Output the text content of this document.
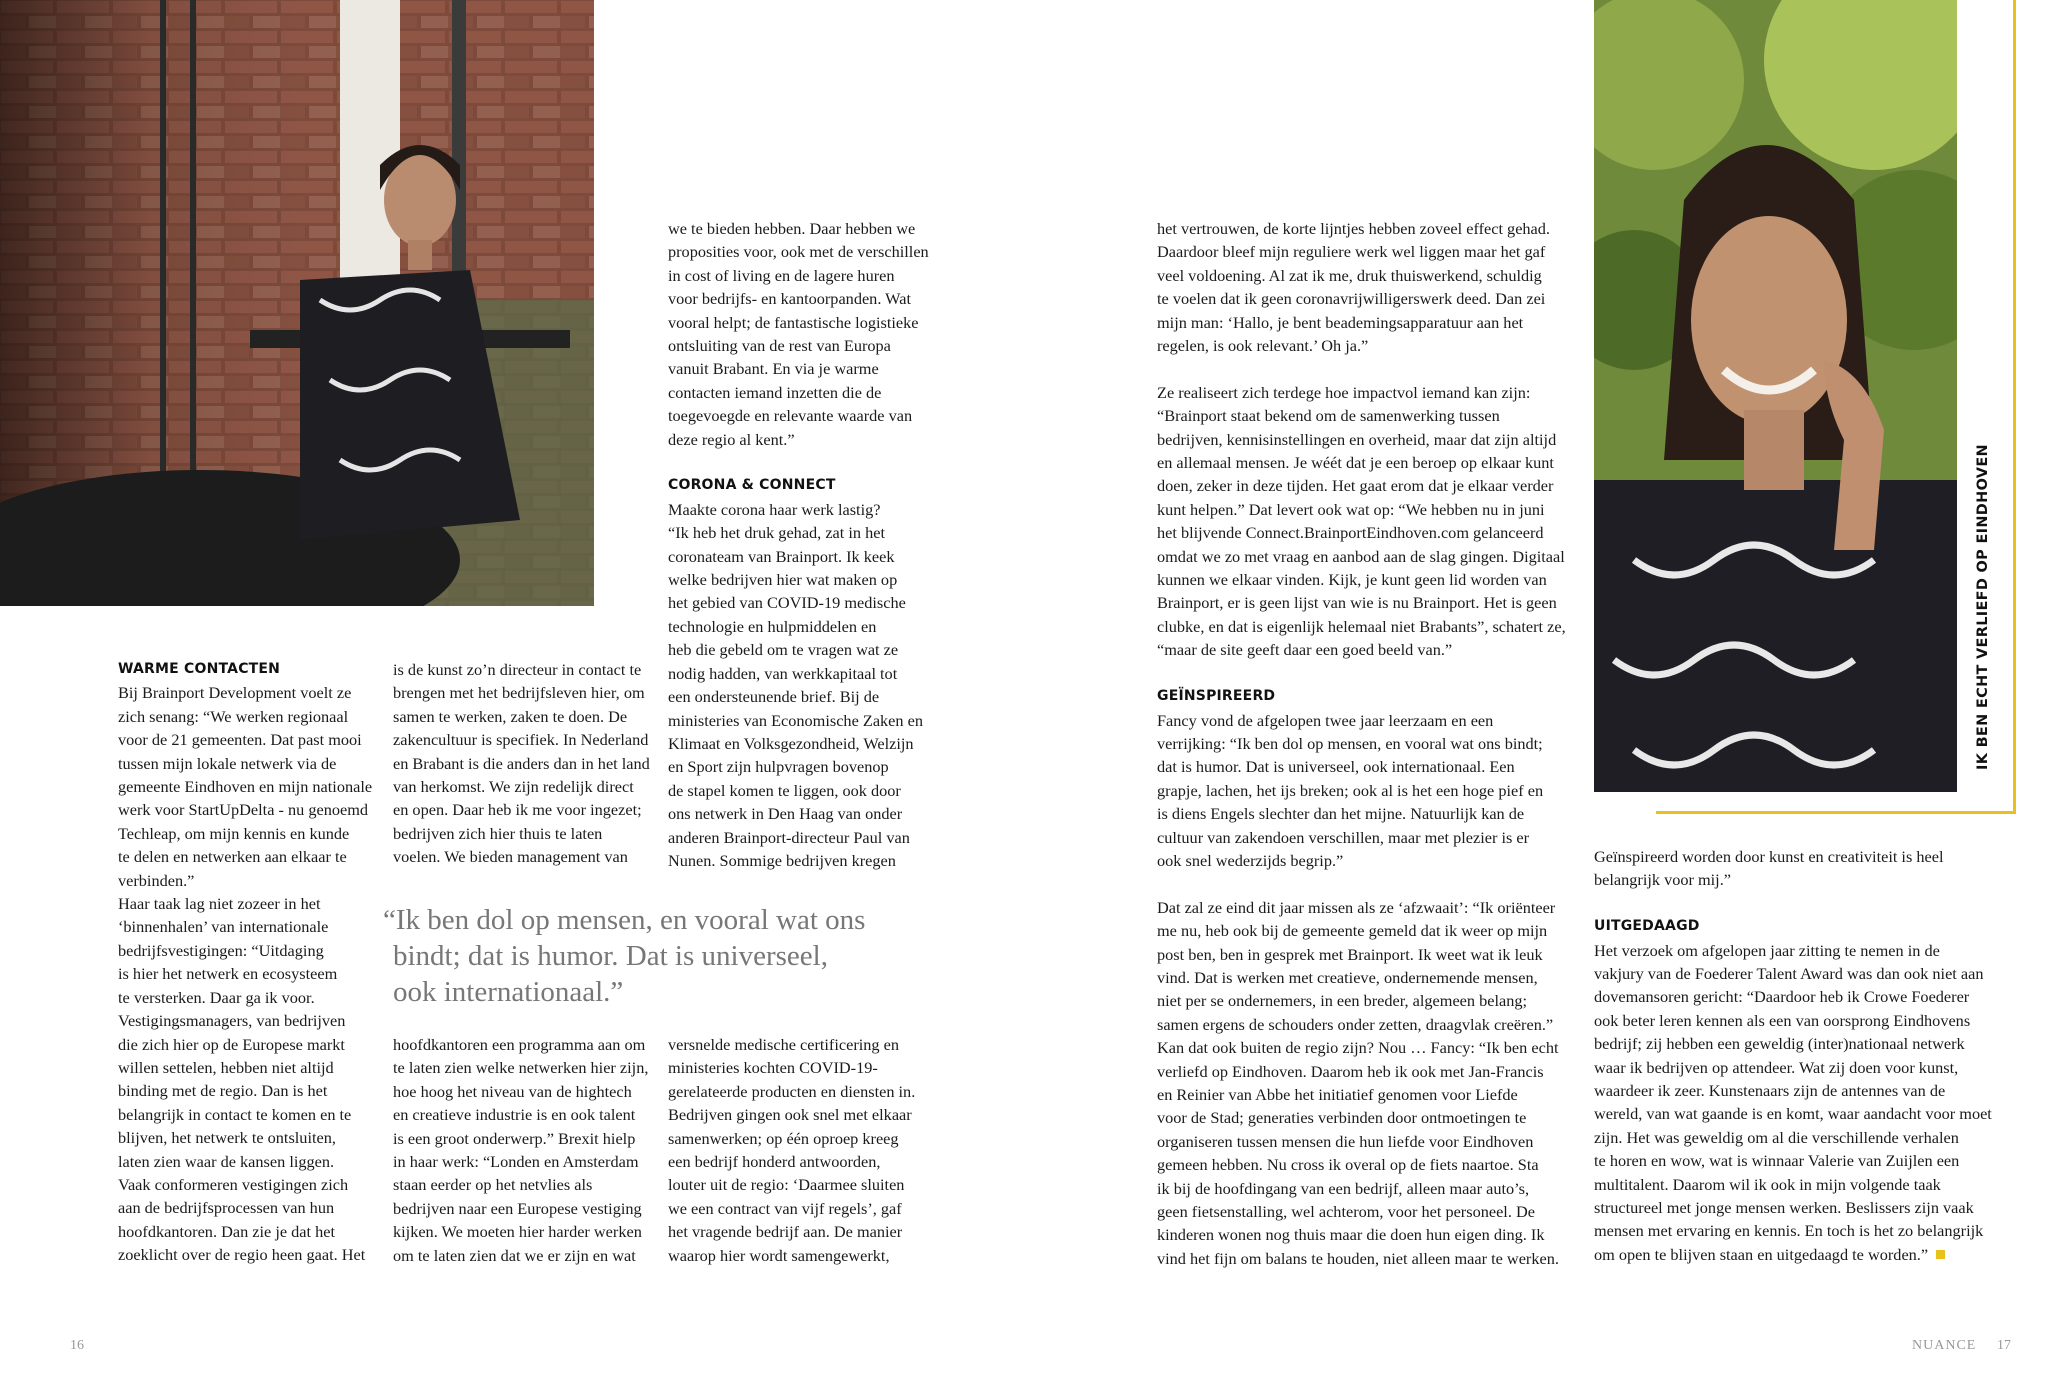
IK BEN ECHT VERLIEFD OP EINDHOVEN

WARME CONTACTEN

Bij Brainport Development voelt ze

zich senang: “We werken regionaal

voor de 21 gemeenten. Dat past mooi

tussen mijn lokale netwerk via de

gemeente Eindhoven en mijn nationale

werk voor StartUpDelta - nu genoemd

Techleap, om mijn kennis en kunde

te delen en netwerken aan elkaar te

verbinden.”

Haar taak lag niet zozeer in het

‘binnenhalen’ van internationale

bedrijfsvestigingen: “Uitdaging

is hier het netwerk en ecosysteem

te versterken. Daar ga ik voor.

Vestigingsmanagers, van bedrijven

die zich hier op de Europese markt

willen settelen, hebben niet altijd

binding met de regio. Dan is het

belangrijk in contact te komen en te

blijven, het netwerk te ontsluiten,

laten zien waar de kansen liggen.

Vaak conformeren vestigingen zich

aan de bedrijfsprocessen van hun

hoofdkantoren. Dan zie je dat het

zoeklicht over de regio heen gaat. Het

is de kunst zo’n directeur in contact te

brengen met het bedrijfsleven hier, om

samen te werken, zaken te doen. De

zakencultuur is specifiek. In Nederland

en Brabant is die anders dan in het land

van herkomst. We zijn redelijk direct

en open. Daar heb ik me voor ingezet;

bedrijven zich hier thuis te laten

voelen. We bieden management van

“Ik ben dol op mensen, en vooral wat ons

bindt; dat is humor. Dat is universeel,

ook internationaal.”

hoofdkantoren een programma aan om

te laten zien welke netwerken hier zijn,

hoe hoog het niveau van de hightech

en creatieve industrie is en ook talent

is een groot onderwerp.” Brexit hielp

in haar werk: “Londen en Amsterdam

staan eerder op het netvlies als

bedrijven naar een Europese vestiging

kijken. We moeten hier harder werken

om te laten zien dat we er zijn en wat

we te bieden hebben. Daar hebben we

proposities voor, ook met de verschillen

in cost of living en de lagere huren

voor bedrijfs- en kantoorpanden. Wat

vooral helpt; de fantastische logistieke

ontsluiting van de rest van Europa

vanuit Brabant. En via je warme

contacten iemand inzetten die de

toegevoegde en relevante waarde van

deze regio al kent.”

CORONA & CONNECT

Maakte corona haar werk lastig?

“Ik heb het druk gehad, zat in het

coronateam van Brainport. Ik keek

welke bedrijven hier wat maken op

het gebied van COVID-19 medische

technologie en hulpmiddelen en

heb die gebeld om te vragen wat ze

nodig hadden, van werkkapitaal tot

een ondersteunende brief. Bij de

ministeries van Economische Zaken en

Klimaat en Volksgezondheid, Welzijn

en Sport zijn hulpvragen bovenop

de stapel komen te liggen, ook door

ons netwerk in Den Haag van onder

anderen Brainport-directeur Paul van

Nunen. Sommige bedrijven kregen

versnelde medische certificering en

ministeries kochten COVID-19-

gerelateerde producten en diensten in.

Bedrijven gingen ook snel met elkaar

samenwerken; op één oproep kreeg

een bedrijf honderd antwoorden,

louter uit de regio: ‘Daarmee sluiten

we een contract van vijf regels’, gaf

het vragende bedrijf aan. De manier

waarop hier wordt samengewerkt,

het vertrouwen, de korte lijntjes hebben zoveel effect gehad.

Daardoor bleef mijn reguliere werk wel liggen maar het gaf

veel voldoening. Al zat ik me, druk thuiswerkend, schuldig

te voelen dat ik geen coronavrijwilligerswerk deed. Dan zei

mijn man: ‘Hallo, je bent beademingsapparatuur aan het

regelen, is ook relevant.’ Oh ja.”

Ze realiseert zich terdege hoe impactvol iemand kan zijn:

“Brainport staat bekend om de samenwerking tussen

bedrijven, kennisinstellingen en overheid, maar dat zijn altijd

en allemaal mensen. Je wéét dat je een beroep op elkaar kunt

doen, zeker in deze tijden. Het gaat erom dat je elkaar verder

kunt helpen.” Dat levert ook wat op: “We hebben nu in juni

het blijvende Connect.BrainportEindhoven.com gelanceerd

omdat we zo met vraag en aanbod aan de slag gingen. Digitaal

kunnen we elkaar vinden. Kijk, je kunt geen lid worden van

Brainport, er is geen lijst van wie is nu Brainport. Het is geen

clubke, en dat is eigenlijk helemaal niet Brabants”, schatert ze,

“maar de site geeft daar een goed beeld van.”

GEÏNSPIREERD

Fancy vond de afgelopen twee jaar leerzaam en een

verrijking: “Ik ben dol op mensen, en vooral wat ons bindt;

dat is humor. Dat is universeel, ook internationaal. Een

grapje, lachen, het ijs breken; ook al is het een hoge pief en

is diens Engels slechter dan het mijne. Natuurlijk kan de

cultuur van zakendoen verschillen, maar met plezier is er

ook snel wederzijds begrip.”

Dat zal ze eind dit jaar missen als ze ‘afzwaait’: “Ik oriënteer

me nu, heb ook bij de gemeente gemeld dat ik weer op mijn

post ben, ben in gesprek met Brainport. Ik weet wat ik leuk

vind. Dat is werken met creatieve, ondernemende mensen,

niet per se ondernemers, in een breder, algemeen belang;

samen ergens de schouders onder zetten, draagvlak creëren.”

Kan dat ook buiten de regio zijn? Nou … Fancy: “Ik ben echt

verliefd op Eindhoven. Daarom heb ik ook met Jan-Francis

en Reinier van Abbe het initiatief genomen voor Liefde

voor de Stad; generaties verbinden door ontmoetingen te

organiseren tussen mensen die hun liefde voor Eindhoven

gemeen hebben. Nu cross ik overal op de fiets naartoe. Sta

ik bij de hoofdingang van een bedrijf, alleen maar auto’s,

geen fietsenstalling, wel achterom, voor het personeel. De

kinderen wonen nog thuis maar die doen hun eigen ding. Ik

vind het fijn om balans te houden, niet alleen maar te werken.

Geïnspireerd worden door kunst en creativiteit is heel

belangrijk voor mij.”

UITGEDAAGD

Het verzoek om afgelopen jaar zitting te nemen in de

vakjury van de Foederer Talent Award was dan ook niet aan

dovemansoren gericht: “Daardoor heb ik Crowe Foederer

ook beter leren kennen als een van oorsprong Eindhovens

bedrijf; zij hebben een geweldig (inter)nationaal netwerk

waar ik bedrijven op attendeer. Wat zij doen voor kunst,

waardeer ik zeer. Kunstenaars zijn de antennes van de

wereld, van wat gaande is en komt, waar aandacht voor moet

zijn. Het was geweldig om al die verschillende verhalen

te horen en wow, wat is winnaar Valerie van Zuijlen een

multitalent. Daarom wil ik ook in mijn volgende taak

structureel met jonge mensen werken. Beslissers zijn vaak

mensen met ervaring en kennis. En toch is het zo belangrijk

om open te blijven staan en uitgedaagd te worden.”

16	NUANCE 17
